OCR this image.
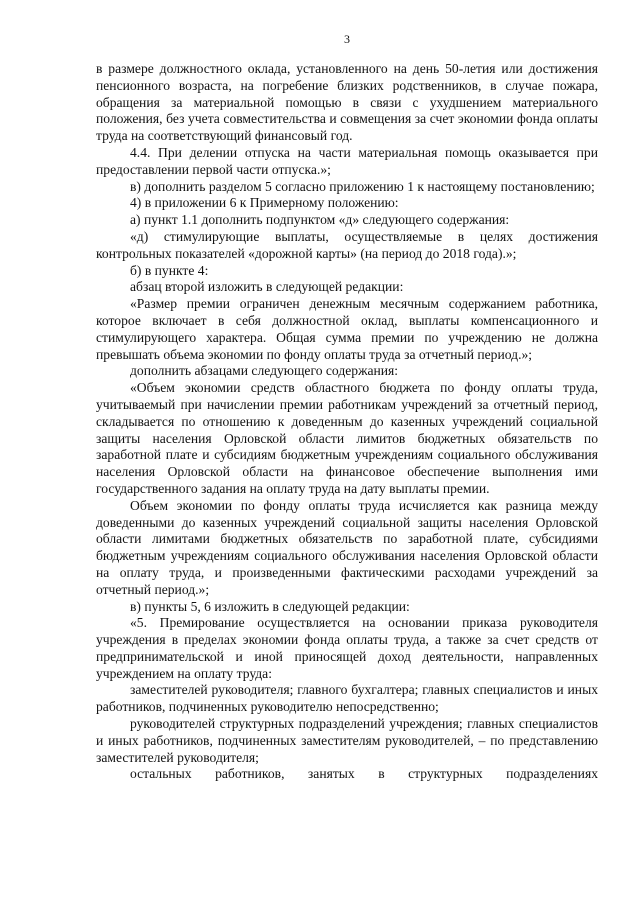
3

в размере должностного оклада, установленного на день 50-летия или достижения пенсионного возраста, на погребение близких родственников, в случае пожара, обращения за материальной помощью в связи с ухудшением материального положения, без учета совместительства и совмещения за счет экономии фонда оплаты труда на соответствующий финансовый год.

4.4. При делении отпуска на части материальная помощь оказывается при предоставлении первой части отпуска.»;

в) дополнить разделом 5 согласно приложению 1 к настоящему постановлению;

4) в приложении 6 к Примерному положению:

а) пункт 1.1 дополнить подпунктом «д» следующего содержания:

«д) стимулирующие выплаты, осуществляемые в целях достижения контрольных показателей «дорожной карты» (на период до 2018 года).»;

б) в пункте 4:

абзац второй изложить в следующей редакции:

«Размер премии ограничен денежным месячным содержанием работника, которое включает в себя должностной оклад, выплаты компенсационного и стимулирующего характера. Общая сумма премии по учреждению не должна превышать объема экономии по фонду оплаты труда за отчетный период.»;

дополнить абзацами следующего содержания:

«Объем экономии средств областного бюджета по фонду оплаты труда, учитываемый при начислении премии работникам учреждений за отчетный период, складывается по отношению к доведенным до казенных учреждений социальной защиты населения Орловской области лимитов бюджетных обязательств по заработной плате и субсидиям бюджетным учреждениям социального обслуживания населения Орловской области на финансовое обеспечение выполнения ими государственного задания на оплату труда на дату выплаты премии.

Объем экономии по фонду оплаты труда исчисляется как разница между доведенными до казенных учреждений социальной защиты населения Орловской области лимитами бюджетных обязательств по заработной плате, субсидиями бюджетным учреждениям социального обслуживания населения Орловской области на оплату труда, и произведенными фактическими расходами учреждений за отчетный период.»;

в) пункты 5, 6 изложить в следующей редакции:

«5. Премирование осуществляется на основании приказа руководителя учреждения в пределах экономии фонда оплаты труда, а также за счет средств от предпринимательской и иной приносящей доход деятельности, направленных учреждением на оплату труда:

заместителей руководителя; главного бухгалтера; главных специалистов и иных работников, подчиненных руководителю непосредственно;

руководителей структурных подразделений учреждения; главных специалистов и иных работников, подчиненных заместителям руководителей, – по представлению заместителей руководителя;

остальных работников, занятых в структурных подразделениях
